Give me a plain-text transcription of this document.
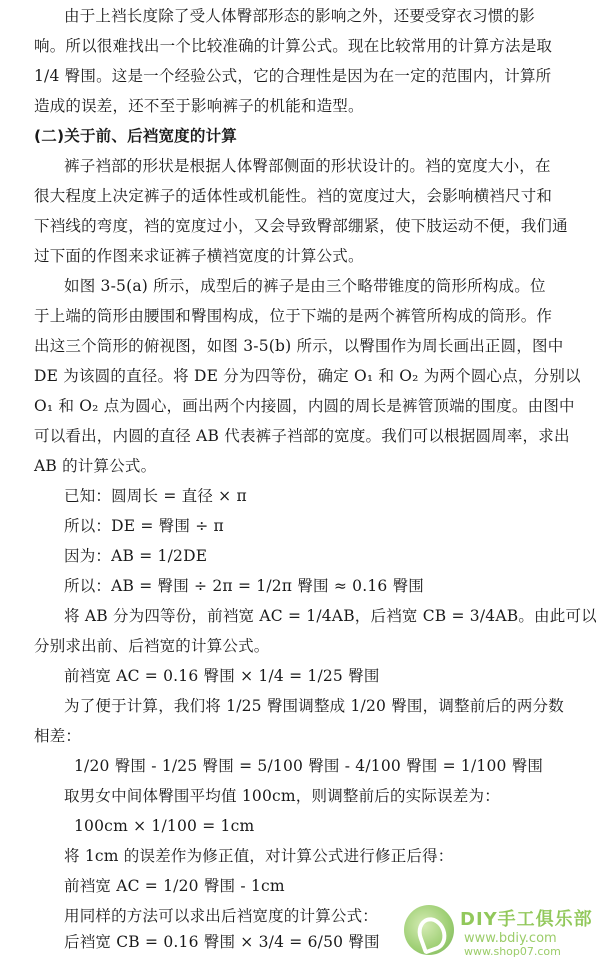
由于上裆长度除了受人体臀部形态的影响之外，还要受穿衣习惯的影
响。所以很难找出一个比较准确的计算公式。现在比较常用的计算方法是取
1/4 臀围。这是一个经验公式，它的合理性是因为在一定的范围内，计算所
造成的误差，还不至于影响裤子的机能和造型。
(二)关于前、后裆宽度的计算
裤子裆部的形状是根据人体臀部侧面的形状设计的。裆的宽度大小，在
很大程度上决定裤子的适体性或机能性。裆的宽度过大，会影响横裆尺寸和
下裆线的弯度，裆的宽度过小，又会导致臀部绷紧，使下肢运动不便，我们通
过下面的作图来求证裤子横裆宽度的计算公式。
如图 3-5(a) 所示，成型后的裤子是由三个略带锥度的筒形所构成。位
于上端的筒形由腰围和臀围构成，位于下端的是两个裤管所构成的筒形。作
出这三个筒形的俯视图，如图 3-5(b) 所示，以臀围作为周长画出正圆，图中
DE 为该圆的直径。将 DE 分为四等份，确定 O₁ 和 O₂ 为两个圆心点，分别以
O₁ 和 O₂ 点为圆心，画出两个内接圆，内圆的周长是裤管顶端的围度。由图中
可以看出，内圆的直径 AB 代表裤子裆部的宽度。我们可以根据圆周率，求出
AB 的计算公式。
已知：圆周长 = 直径 × π
所以：DE = 臀围 ÷ π
因为：AB = 1/2DE
所以：AB = 臀围 ÷ 2π = 1/2π 臀围 ≈ 0.16 臀围
将 AB 分为四等份，前裆宽 AC = 1/4AB，后裆宽 CB = 3/4AB。由此可以
分别求出前、后裆宽的计算公式。
前裆宽 AC = 0.16 臀围 × 1/4 = 1/25 臀围
为了便于计算，我们将 1/25 臀围调整成 1/20 臀围，调整前后的两分数
相差：
1/20 臀围 - 1/25 臀围 = 5/100 臀围 - 4/100 臀围 = 1/100 臀围
取男女中间体臀围平均值 100cm，则调整前后的实际误差为：
100cm × 1/100 = 1cm
将 1cm 的误差作为修正值，对计算公式进行修正后得：
前裆宽 AC = 1/20 臀围 - 1cm
用同样的方法可以求出后裆宽度的计算公式：
后裆宽 CB = 0.16 臀围 × 3/4 = 6/50 臀围
DIY手工俱乐部
www.bdiy.com
www.shop07.com
